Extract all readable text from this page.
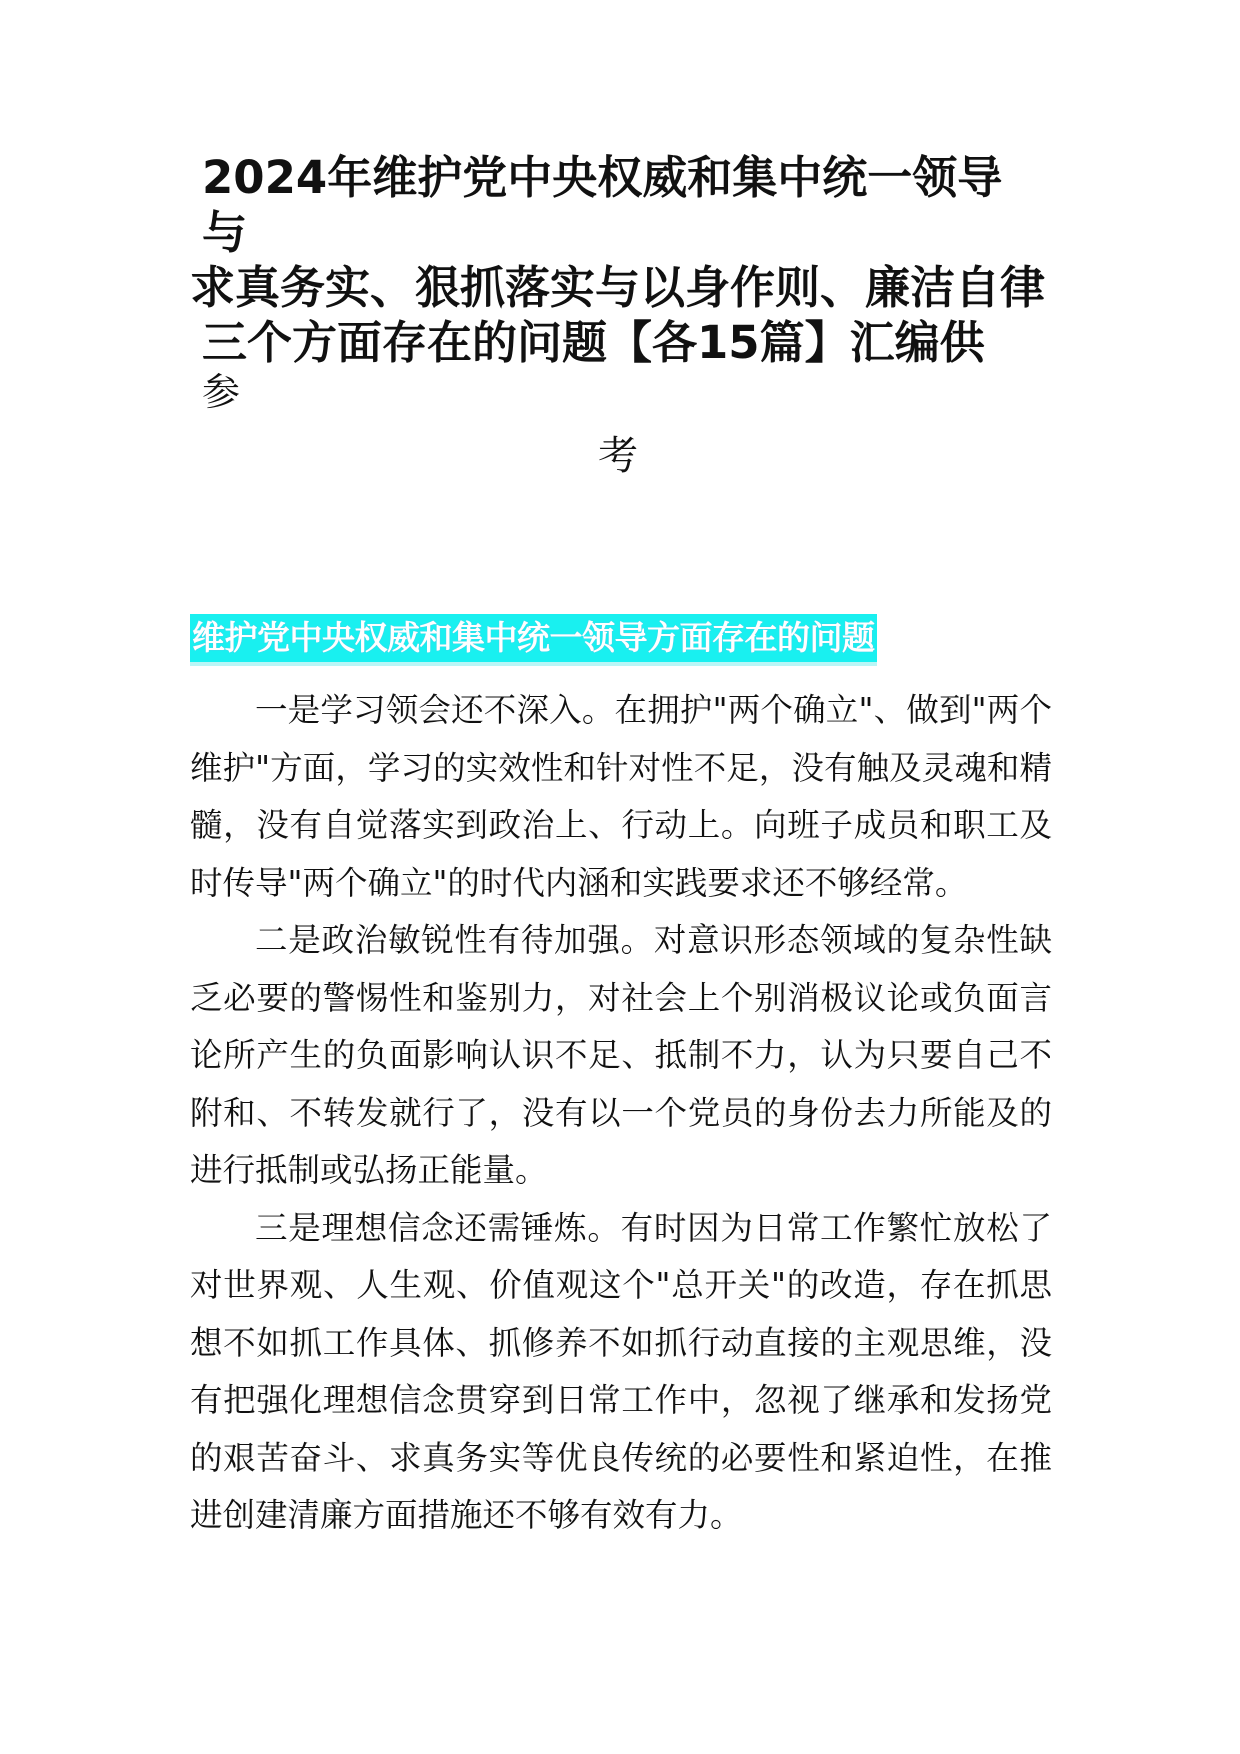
2024年维护党中央权威和集中统一领导
与
求真务实、狠抓落实与以身作则、廉洁自律
三个方面存在的问题【各15篇】汇编供
参
考
维护党中央权威和集中统一领导方面存在的问题

一是学习领会还不深入。在拥护"两个确立"、做到"两个维护"方面，学习的实效性和针对性不足，没有触及灵魂和精髓，没有自觉落实到政治上、行动上。向班子成员和职工及时传导"两个确立"的时代内涵和实践要求还不够经常。

二是政治敏锐性有待加强。对意识形态领域的复杂性缺乏必要的警惕性和鉴别力，对社会上个别消极议论或负面言论所产生的负面影响认识不足、抵制不力，认为只要自己不附和、不转发就行了，没有以一个党员的身份去力所能及的进行抵制或弘扬正能量。

三是理想信念还需锤炼。有时因为日常工作繁忙放松了对世界观、人生观、价值观这个"总开关"的改造，存在抓思想不如抓工作具体、抓修养不如抓行动直接的主观思维，没有把强化理想信念贯穿到日常工作中，忽视了继承和发扬党的艰苦奋斗、求真务实等优良传统的必要性和紧迫性，在推进创建清廉方面措施还不够有效有力。
